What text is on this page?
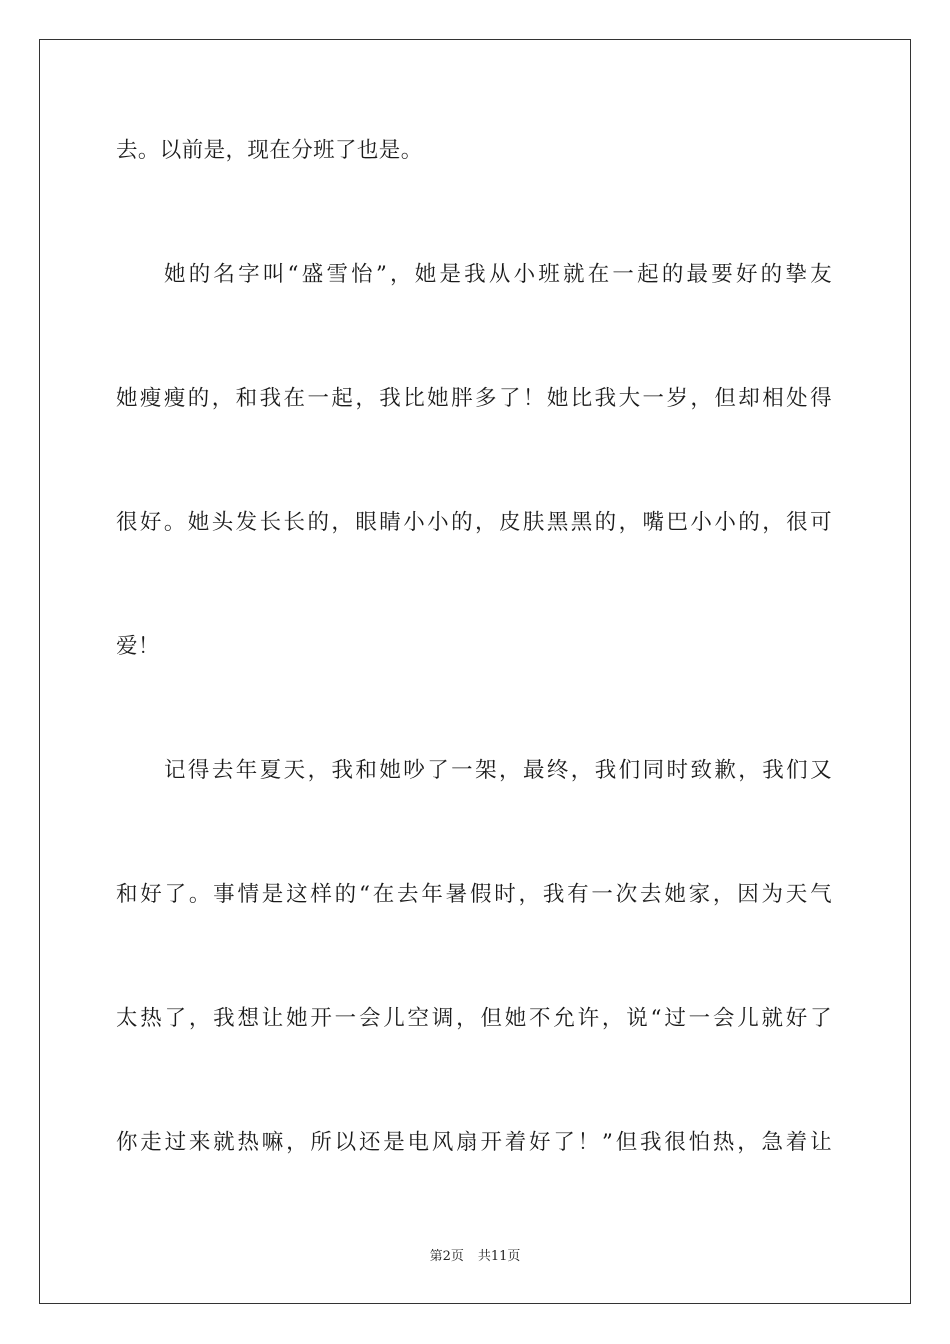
去。以前是，现在分班了也是。
她的名字叫“盛雪怡”，她是我从小班就在一起的最要好的挚友
她瘦瘦的，和我在一起，我比她胖多了！她比我大一岁，但却相处得
很好。她头发长长的，眼睛小小的，皮肤黑黑的，嘴巴小小的，很可
爱！
记得去年夏天，我和她吵了一架，最终，我们同时致歉，我们又
和好了。事情是这样的“在去年暑假时，我有一次去她家，因为天气
太热了，我想让她开一会儿空调，但她不允许，说“过一会儿就好了
你走过来就热嘛，所以还是电风扇开着好了！”但我很怕热，急着让
第2页 共11页
